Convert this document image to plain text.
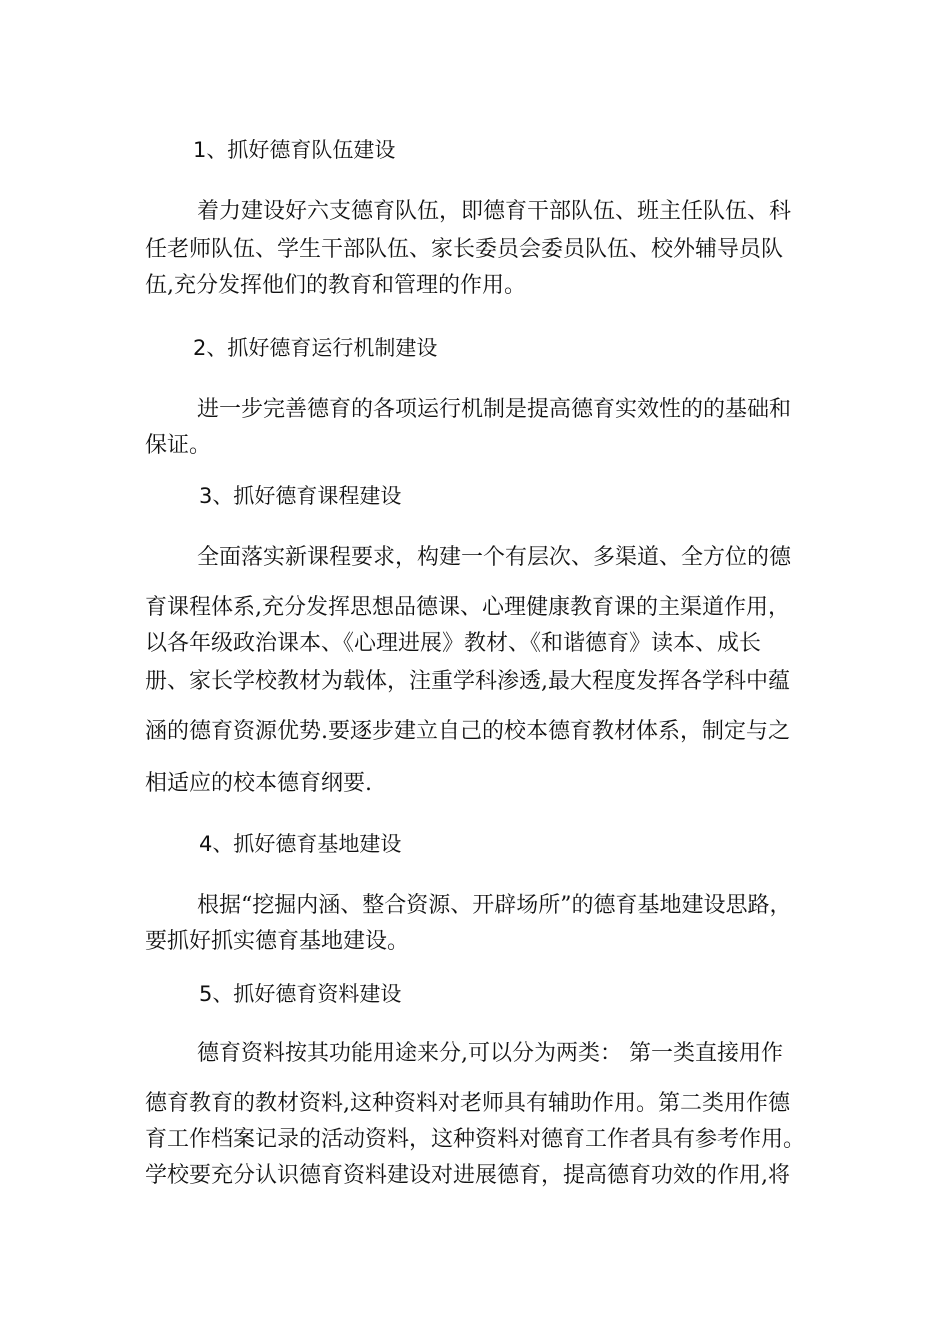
1、抓好德育队伍建设
着力建设好六支德育队伍，即德育干部队伍、班主任队伍、科
任老师队伍、学生干部队伍、家长委员会委员队伍、校外辅导员队
伍,充分发挥他们的教育和管理的作用。
2、抓好德育运行机制建设
进一步完善德育的各项运行机制是提高德育实效性的的基础和
保证。
3、抓好德育课程建设
全面落实新课程要求，构建一个有层次、多渠道、全方位的德
育课程体系,充分发挥思想品德课、心理健康教育课的主渠道作用，
以各年级政治课本、《心理进展》教材、《和谐德育》读本、成长
册、家长学校教材为载体，注重学科渗透,最大程度发挥各学科中蕴
涵的德育资源优势.要逐步建立自己的校本德育教材体系，制定与之
相适应的校本德育纲要.
4、抓好德育基地建设
根据“挖掘内涵、整合资源、开辟场所”的德育基地建设思路，
要抓好抓实德育基地建设。
5、抓好德育资料建设
德育资料按其功能用途来分,可以分为两类： 第一类直接用作
德育教育的教材资料,这种资料对老师具有辅助作用。第二类用作德
育工作档案记录的活动资料，这种资料对德育工作者具有参考作用。
学校要充分认识德育资料建设对进展德育，提高德育功效的作用,将
